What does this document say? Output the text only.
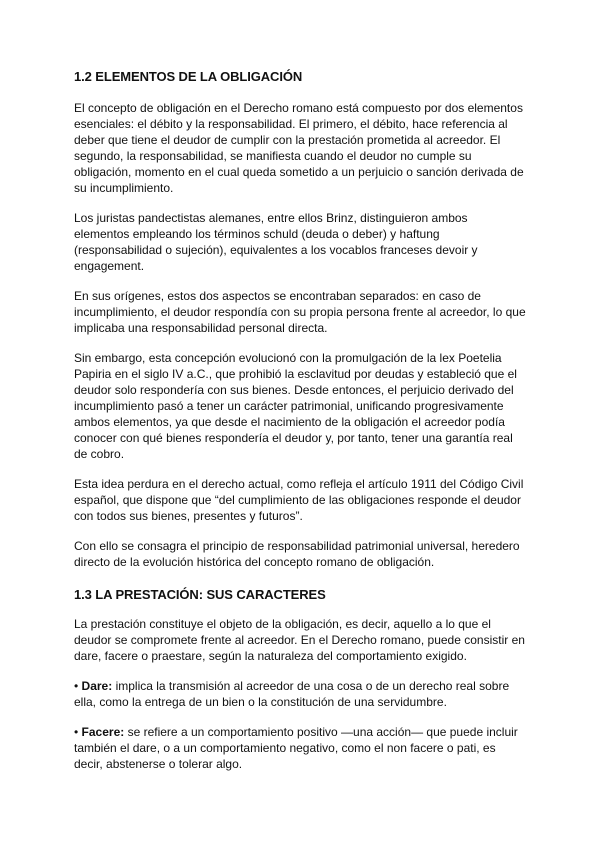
1.2 ELEMENTOS DE LA OBLIGACIÓN

El concepto de obligación en el Derecho romano está compuesto por dos elementos esenciales: el débito y la responsabilidad. El primero, el débito, hace referencia al deber que tiene el deudor de cumplir con la prestación prometida al acreedor. El segundo, la responsabilidad, se manifiesta cuando el deudor no cumple su obligación, momento en el cual queda sometido a un perjuicio o sanción derivada de su incumplimiento.

Los juristas pandectistas alemanes, entre ellos Brinz, distinguieron ambos elementos empleando los términos schuld (deuda o deber) y haftung (responsabilidad o sujeción), equivalentes a los vocablos franceses devoir y engagement.

En sus orígenes, estos dos aspectos se encontraban separados: en caso de incumplimiento, el deudor respondía con su propia persona frente al acreedor, lo que implicaba una responsabilidad personal directa.

Sin embargo, esta concepción evolucionó con la promulgación de la lex Poetelia Papiria en el siglo IV a.C., que prohibió la esclavitud por deudas y estableció que el deudor solo respondería con sus bienes. Desde entonces, el perjuicio derivado del incumplimiento pasó a tener un carácter patrimonial, unificando progresivamente ambos elementos, ya que desde el nacimiento de la obligación el acreedor podía conocer con qué bienes respondería el deudor y, por tanto, tener una garantía real de cobro.

Esta idea perdura en el derecho actual, como refleja el artículo 1911 del Código Civil español, que dispone que “del cumplimiento de las obligaciones responde el deudor con todos sus bienes, presentes y futuros”.

Con ello se consagra el principio de responsabilidad patrimonial universal, heredero directo de la evolución histórica del concepto romano de obligación.

1.3 LA PRESTACIÓN: SUS CARACTERES

La prestación constituye el objeto de la obligación, es decir, aquello a lo que el deudor se compromete frente al acreedor. En el Derecho romano, puede consistir en dare, facere o praestare, según la naturaleza del comportamiento exigido.

• Dare: implica la transmisión al acreedor de una cosa o de un derecho real sobre ella, como la entrega de un bien o la constitución de una servidumbre.

• Facere: se refiere a un comportamiento positivo —una acción— que puede incluir también el dare, o a un comportamiento negativo, como el non facere o pati, es decir, abstenerse o tolerar algo.
